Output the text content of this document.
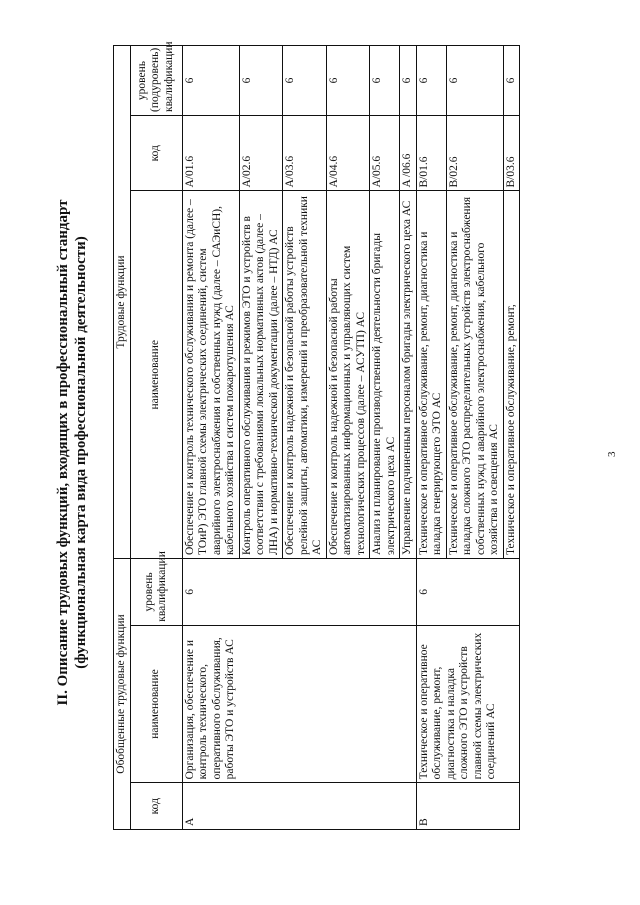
3
II. Описание трудовых функций, входящих в профессиональный стандарт (функциональная карта вида профессиональной деятельности)
Обобщенные трудовые функции			Трудовые функции		
код	наименование	уровень квалификации	наименование	код	уровень (подуровень) квалификации
А	Организация, обеспечение и контроль технического, оперативного обслуживания, работы ЭТО и устройств АС	6	Обеспечение и контроль технического обслуживания и ремонта (далее – ТОиР) ЭТО главной схемы электрических соединений, систем аварийного электроснабжения и собственных нужд (далее – САЭиСН), кабельного хозяйства и систем пожаротушения АС	A/01.6	6
			Контроль оперативного обслуживания и режимов ЭТО и устройств в соответствии с требованиями локальных нормативных актов (далее – ЛНА) и нормативно-технической документации (далее – НТД) АС	A/02.6	6
			Обеспечение и контроль надежной и безопасной работы устройств релейной защиты, автоматики, измерений и преобразовательной техники АС	A/03.6	6
			Обеспечение и контроль надежной и безопасной работы автоматизированных информационных и управляющих систем технологических процессов (далее – АСУТП) АС	A/04.6	6
			Анализ и планирование производственной деятельности бригады электрического цеха АС	A/05.6	6
			Управление подчиненным персоналом бригады электрического цеха АС	A /06.6	6
В	Техническое и оперативное обслуживание, ремонт, диагностика и наладка сложного ЭТО и устройств главной схемы электрических соединений АС	6	Техническое и оперативное обслуживание, ремонт, диагностика и наладка генерирующего ЭТО АС	B/01.6	6
			Техническое и оперативное обслуживание, ремонт, диагностика и наладка сложного ЭТО распределительных устройств электроснабжения собственных нужд и аварийного электроснабжения, кабельного хозяйства и освещения АС	B/02.6	6
			Техническое и оперативное обслуживание, ремонт,	B/03.6	6
